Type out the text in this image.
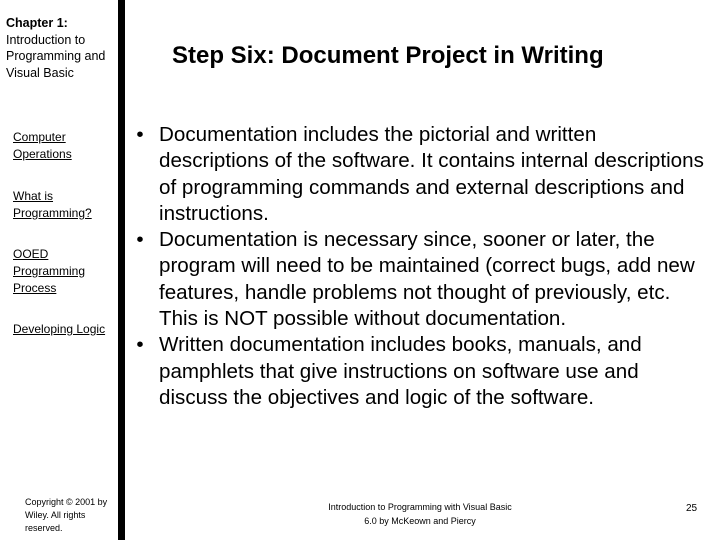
Chapter 1:
Introduction to Programming and Visual Basic
Computer Operations
What is Programming?
OOED Programming Process
Developing Logic
Copyright © 2001 by Wiley. All rights reserved.
Step Six: Document Project in Writing
• Documentation includes the pictorial and written descriptions of the software. It contains internal descriptions of programming commands and external descriptions and instructions.
• Documentation is necessary since, sooner or later, the program will need to be maintained (correct bugs, add new features, handle problems not thought of previously, etc. This is NOT possible without documentation.
• Written documentation includes books, manuals, and pamphlets that give instructions on software use and discuss the objectives and logic of the software.
Introduction to Programming with Visual Basic
6.0 by McKeown and Piercy
25
